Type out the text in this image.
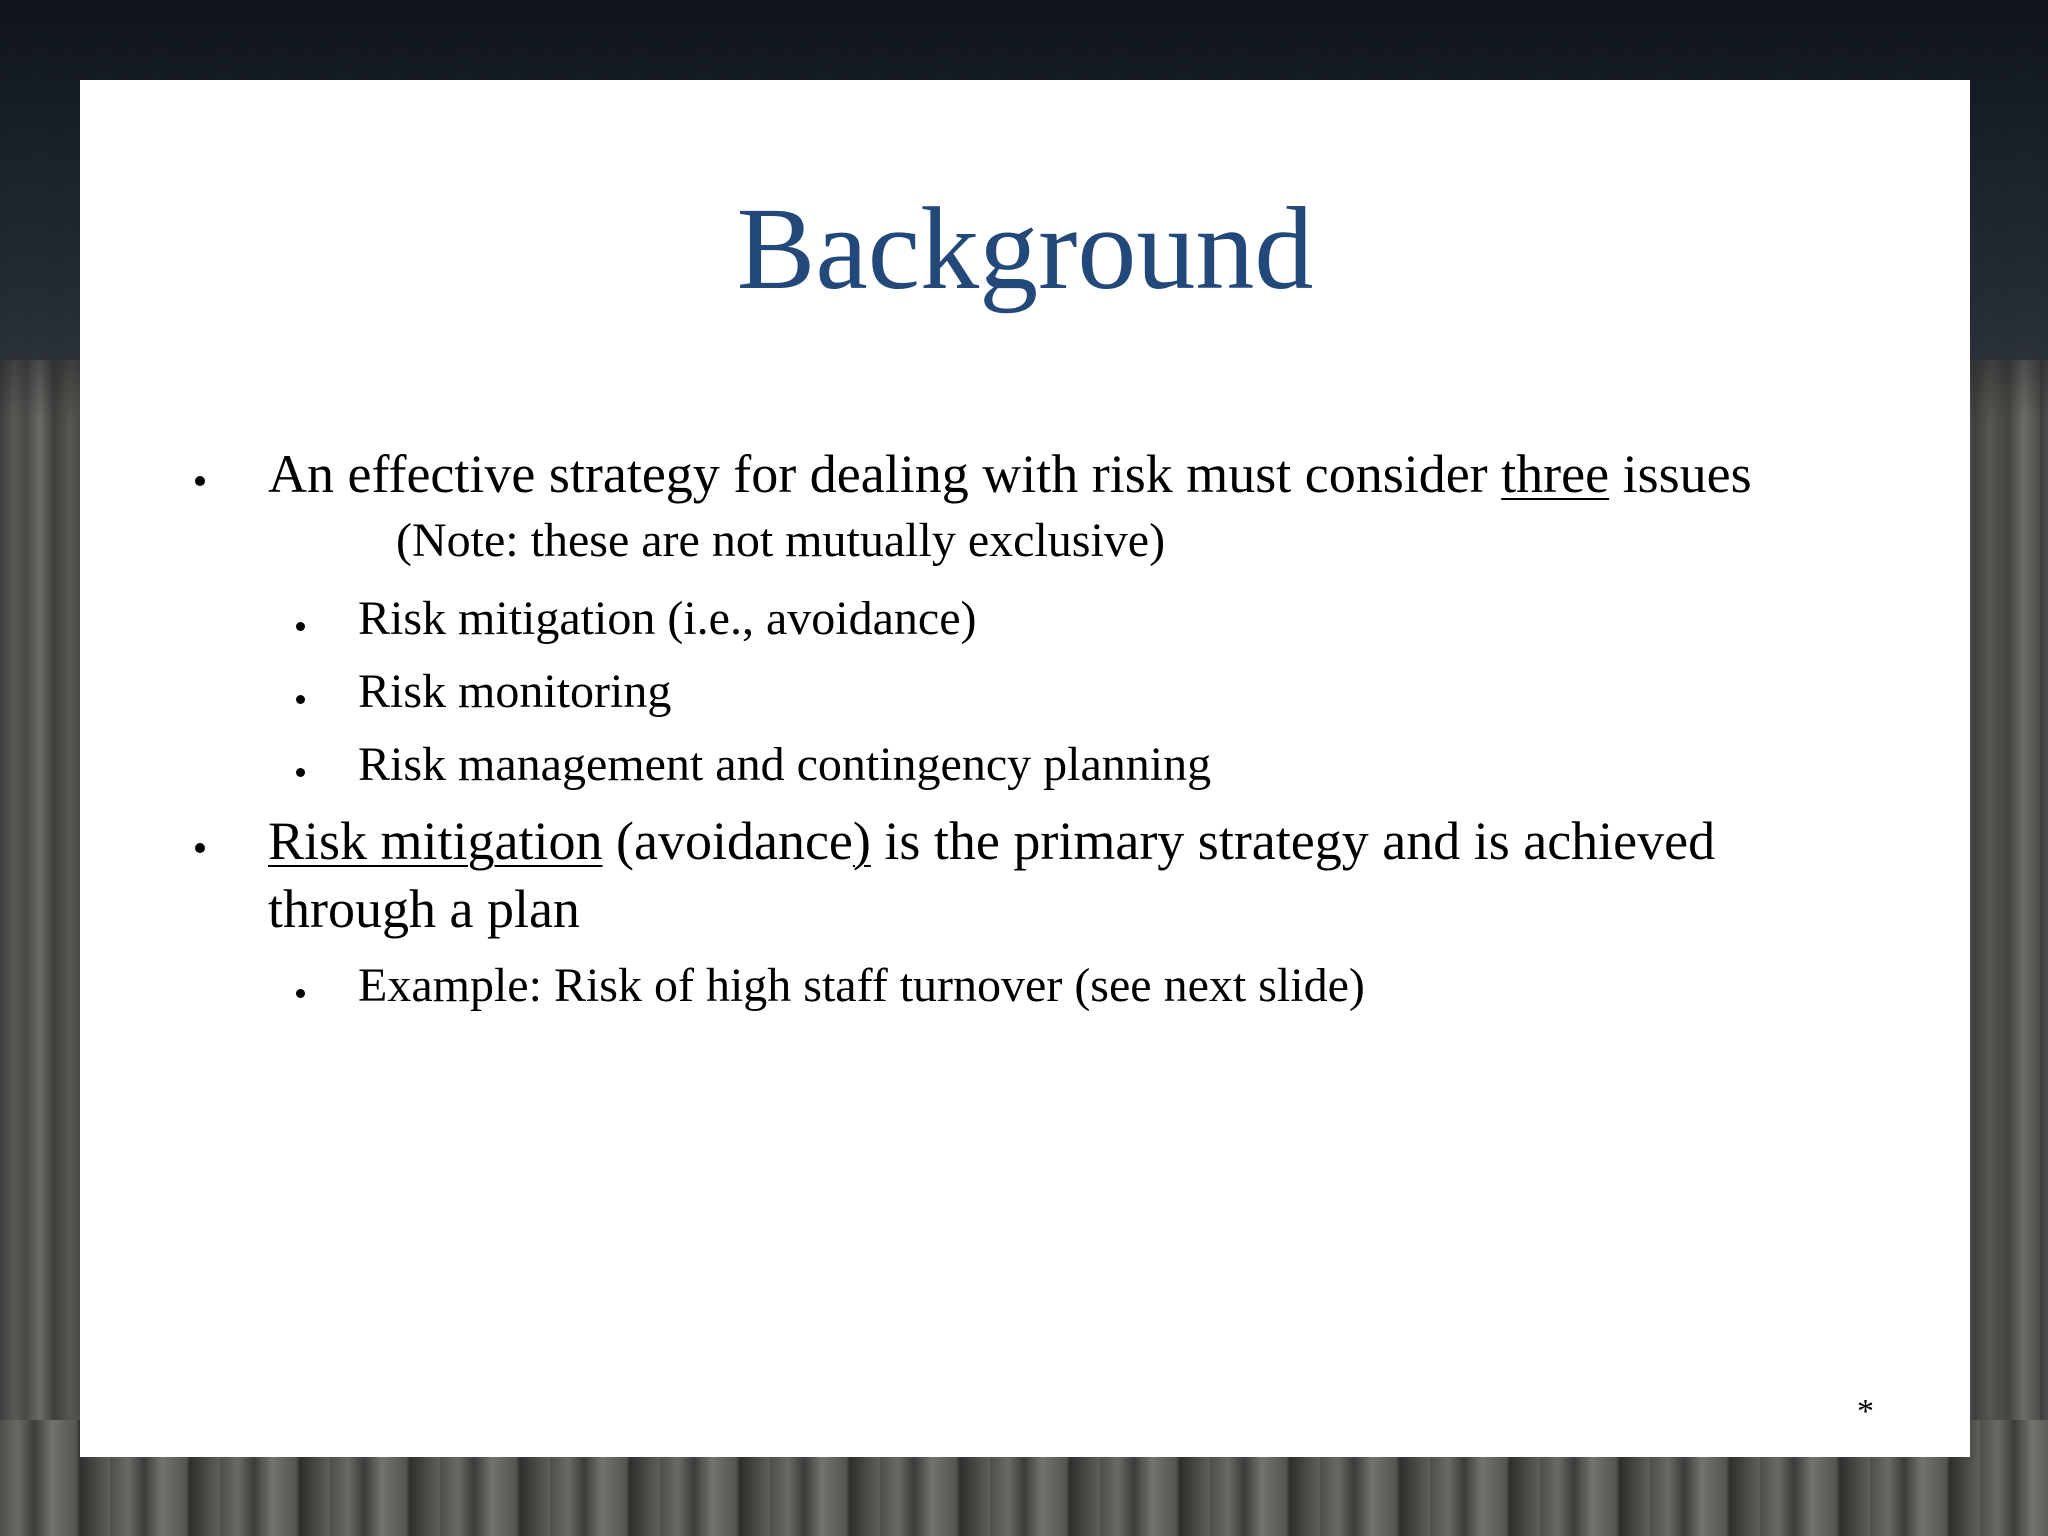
Background
An effective strategy for dealing with risk must consider three issues
(Note: these are not mutually exclusive)
Risk mitigation (i.e., avoidance)
Risk monitoring
Risk management and contingency planning
Risk mitigation (avoidance) is the primary strategy and is achieved
through a plan
Example: Risk of high staff turnover (see next slide)
*
